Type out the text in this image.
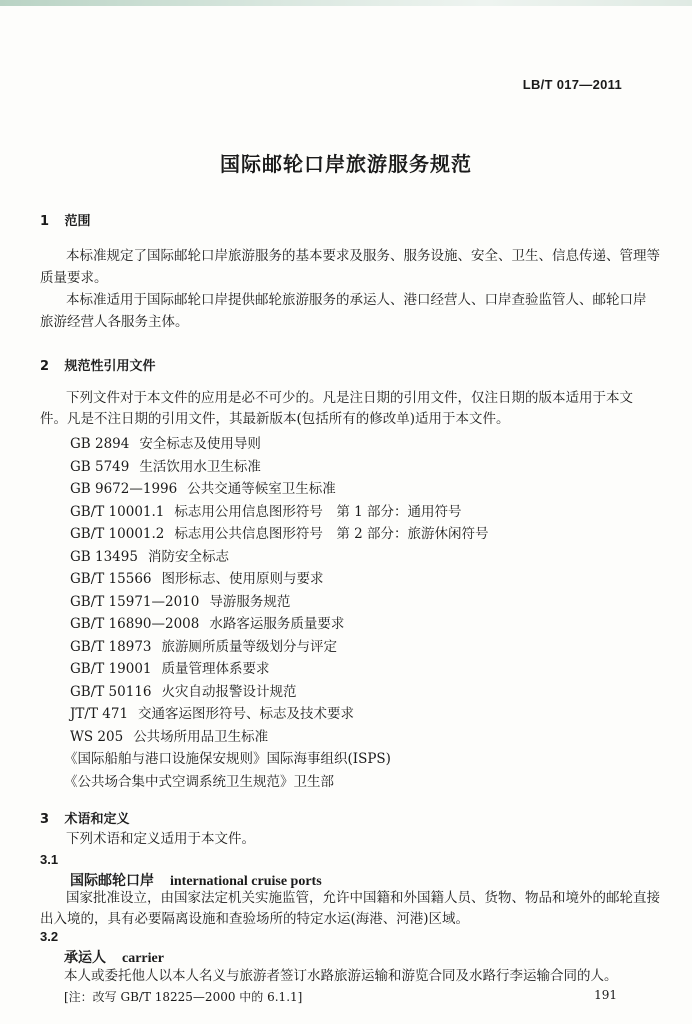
LB/T 017—2011
国际邮轮口岸旅游服务规范
1 范围
本标准规定了国际邮轮口岸旅游服务的基本要求及服务、服务设施、安全、卫生、信息传递、管理等
质量要求。
本标准适用于国际邮轮口岸提供邮轮旅游服务的承运人、港口经营人、口岸查验监管人、邮轮口岸
旅游经营人各服务主体。
2 规范性引用文件
下列文件对于本文件的应用是必不可少的。凡是注日期的引用文件，仅注日期的版本适用于本文
件。凡是不注日期的引用文件，其最新版本(包括所有的修改单)适用于本文件。
GB 2894 安全标志及使用导则
GB 5749 生活饮用水卫生标准
GB 9672—1996 公共交通等候室卫生标准
GB/T 10001.1 标志用公用信息图形符号　第 1 部分：通用符号
GB/T 10001.2 标志用公共信息图形符号　第 2 部分：旅游休闲符号
GB 13495 消防安全标志
GB/T 15566 图形标志、使用原则与要求
GB/T 15971—2010 导游服务规范
GB/T 16890—2008 水路客运服务质量要求
GB/T 18973 旅游厕所质量等级划分与评定
GB/T 19001 质量管理体系要求
GB/T 50116 火灾自动报警设计规范
JT/T 471 交通客运图形符号、标志及技术要求
WS 205 公共场所用品卫生标准
《国际船舶与港口设施保安规则》国际海事组织(ISPS)
《公共场合集中式空调系统卫生规范》卫生部
3 术语和定义
下列术语和定义适用于本文件。
3.1
国际邮轮口岸 international cruise ports
国家批准设立，由国家法定机关实施监管，允许中国籍和外国籍人员、货物、物品和境外的邮轮直接
出入境的，具有必要隔离设施和查验场所的特定水运(海港、河港)区域。
3.2
承运人 carrier
本人或委托他人以本人名义与旅游者签订水路旅游运输和游览合同及水路行李运输合同的人。
[注：改写 GB/T 18225—2000 中的 6.1.1]	191
